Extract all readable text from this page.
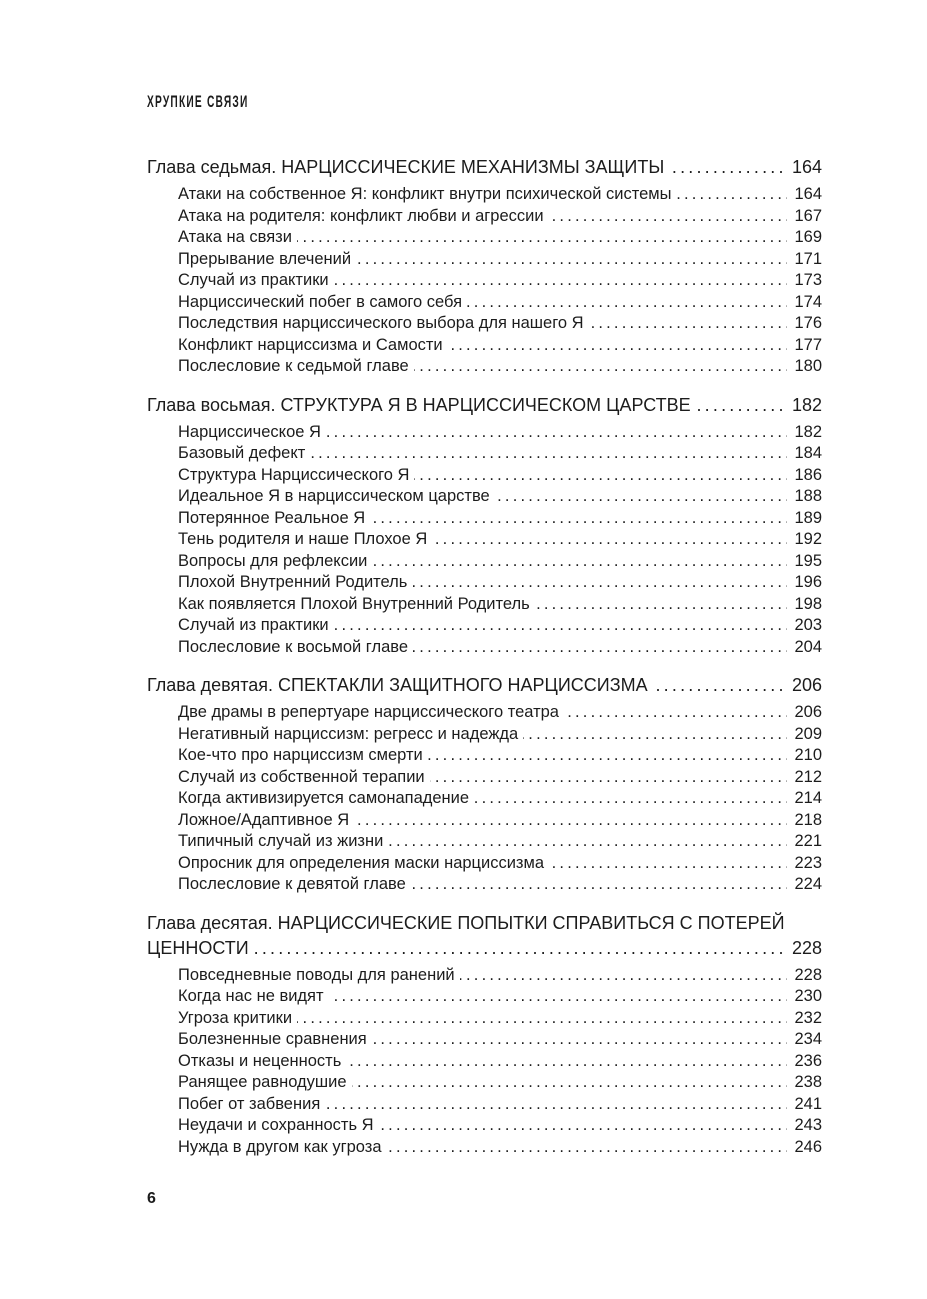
ХРУПКИЕ СВЯЗИ
..... Глава седьмая. НАРЦИССИЧЕСКИЕ МЕХАНИЗМЫ ЗАЩИТЫ	164
..... Атаки на собственное Я: конфликт внутри психической системы	164
..... Атака на родителя: конфликт любви и агрессии	167
..... Атака на связи	169
..... Прерывание влечений	171
..... Случай из практики	173
..... Нарциссический побег в самого себя	174
..... Последствия нарциссического выбора для нашего Я	176
..... Конфликт нарциссизма и Самости	177
..... Послесловие к седьмой главе	180
..... Глава восьмая. СТРУКТУРА Я В НАРЦИССИЧЕСКОМ ЦАРСТВЕ	182
..... Нарциссическое Я	182
..... Базовый дефект	184
..... Структура Нарциссического Я	186
..... Идеальное Я в нарциссическом царстве	188
..... Потерянное Реальное Я	189
..... Тень родителя и наше Плохое Я	192
..... Вопросы для рефлексии	195
..... Плохой Внутренний Родитель	196
..... Как появляется Плохой Внутренний Родитель	198
..... Случай из практики	203
..... Послесловие к восьмой главе	204
..... Глава девятая. СПЕКТАКЛИ ЗАЩИТНОГО НАРЦИССИЗМА	206
..... Две драмы в репертуаре нарциссического театра	206
..... Негативный нарциссизм: регресс и надежда	209
..... Кое-что про нарциссизм смерти	210
..... Случай из собственной терапии	212
..... Когда активизируется самонападение	214
..... Ложное/Адаптивное Я	218
..... Типичный случай из жизни	221
..... Опросник для определения маски нарциссизма	223
..... Послесловие к девятой главе	224
..... Глава десятая. НАРЦИССИЧЕСКИЕ ПОПЫТКИ СПРАВИТЬСЯ С ПОТЕРЕЙ ЦЕННОСТИ	228
..... Повседневные поводы для ранений	228
..... Когда нас не видят	230
..... Угроза критики	232
..... Болезненные сравнения	234
..... Отказы и неценность	236
..... Ранящее равнодушие	238
..... Побег от забвения	241
..... Неудачи и сохранность Я	243
..... Нужда в другом как угроза	246
6
